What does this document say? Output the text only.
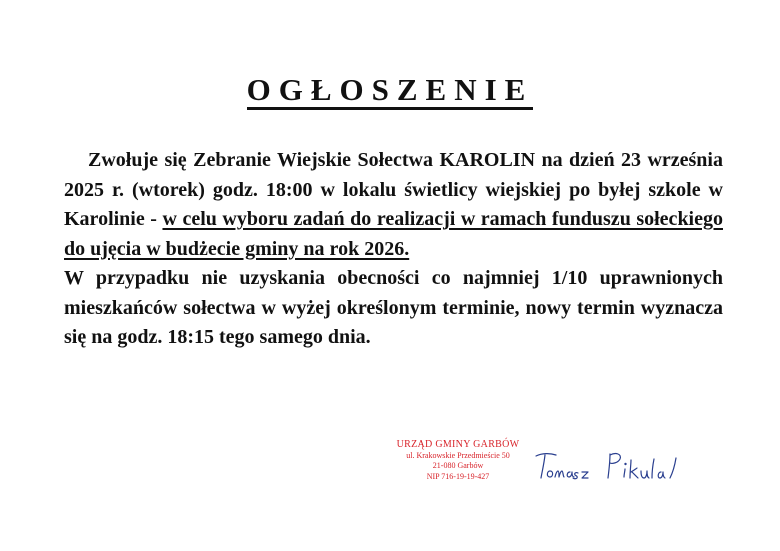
OGŁOSZENIE

Zwołuje się Zebranie Wiejskie Sołectwa KAROLIN na dzień 23 września 2025 r. (wtorek) godz. 18:00 w lokalu świetlicy wiejskiej po byłej szkole w Karolinie - w celu wyboru zadań do realizacji w ramach funduszu sołeckiego do ujęcia w budżecie gminy na rok 2026.

W przypadku nie uzyskania obecności co najmniej 1/10 uprawnionych mieszkańców sołectwa w wyżej określonym terminie, nowy termin wyznacza się na godz. 18:15 tego samego dnia.

URZĄD GMINY GARBÓW
ul. Krakowskie Przedmieście 50
21-080 Garbów
NIP 716-19-19-427
